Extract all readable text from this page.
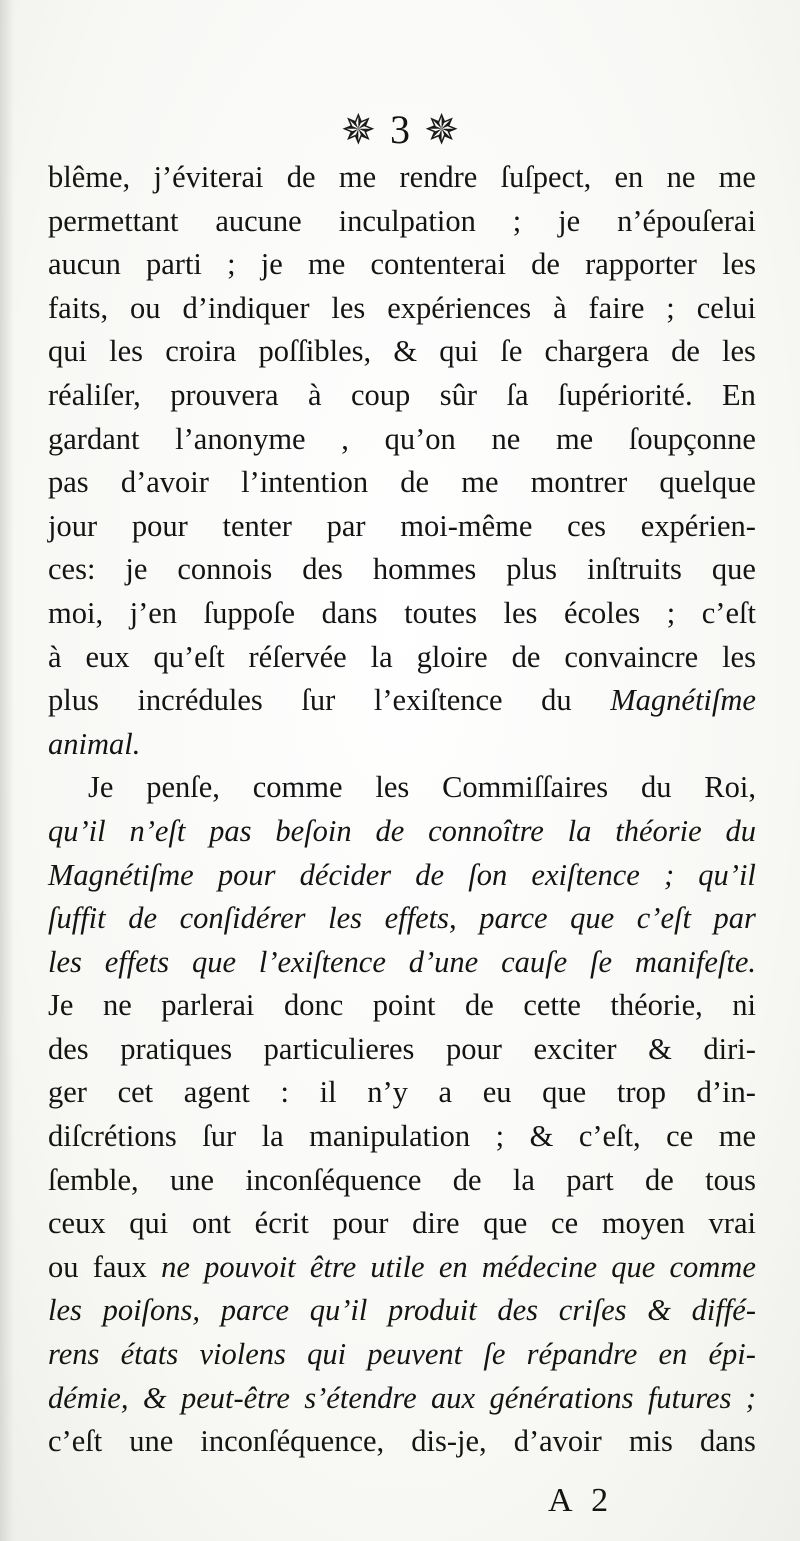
✵ 3 ✵
blême, j’éviterai de me rendre ſuſpect, en ne me
permettant aucune inculpation ; je n’épouſerai
aucun parti ; je me contenterai de rapporter les
faits, ou d’indiquer les expériences à faire ; celui
qui les croira poſſibles, & qui ſe chargera de les
réaliſer, prouvera à coup sûr ſa ſupériorité. En
gardant l’anonyme , qu’on ne me ſoupçonne
pas d’avoir l’intention de me montrer quelque
jour pour tenter par moi-même ces expérien-
ces: je connois des hommes plus inſtruits que
moi, j’en ſuppoſe dans toutes les écoles ; c’eſt
à eux qu’eſt réſervée la gloire de convaincre les
plus incrédules ſur l’exiſtence du Magnétiſme
animal.
Je penſe, comme les Commiſſaires du Roi,
qu’il n’eſt pas beſoin de connoître la théorie du
Magnétiſme pour décider de ſon exiſtence ; qu’il
ſuffit de conſidérer les effets, parce que c’eſt par
les effets que l’exiſtence d’une cauſe ſe manifeſte.
Je ne parlerai donc point de cette théorie, ni
des pratiques particulieres pour exciter & diri-
ger cet agent : il n’y a eu que trop d’in-
diſcrétions ſur la manipulation ; & c’eſt, ce me
ſemble, une inconſéquence de la part de tous
ceux qui ont écrit pour dire que ce moyen vrai
ou faux ne pouvoit être utile en médecine que comme
les poiſons, parce qu’il produit des criſes & diffé-
rens états violens qui peuvent ſe répandre en épi-
démie, & peut-être s’étendre aux générations futures ;
c’eſt une inconſéquence, dis-je, d’avoir mis dans
A 2
